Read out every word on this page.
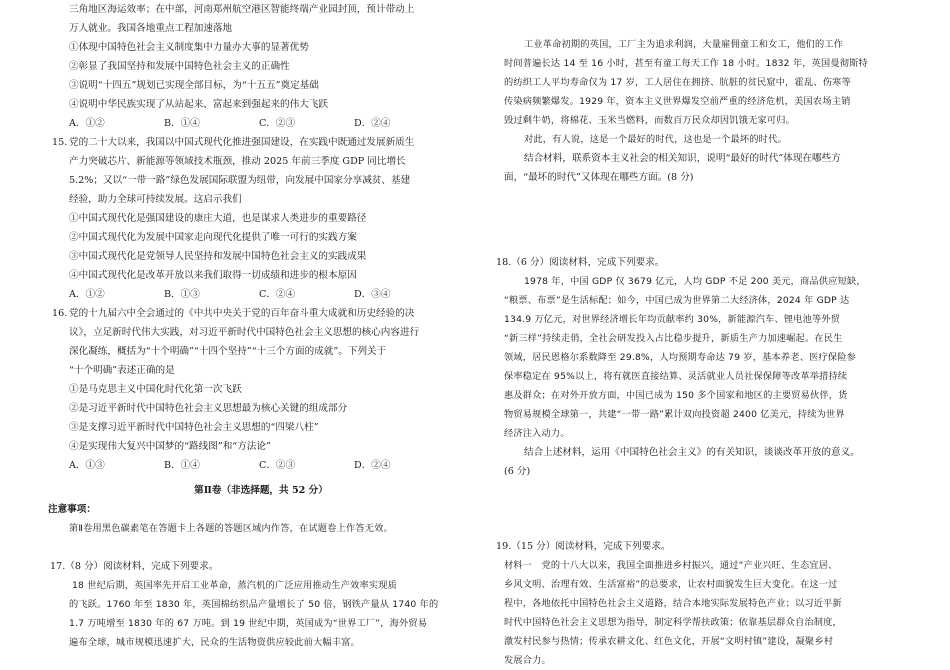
三角地区海运效率；在中部，河南郑州航空港区智能终端产业园封顶，预计带动上
万人就业。我国各地重点工程加速落地
①体现中国特色社会主义制度集中力量办大事的显著优势
②彰显了我国坚持和发展中国特色社会主义的正确性
③说明“十四五”规划已实现全部目标，为“十五五”奠定基础
④说明中华民族实现了从站起来、富起来到强起来的伟大飞跃
A．①②	B．①④	C．②③	D．②④
15. 党的二十大以来，我国以中国式现代化推进强国建设，在实践中既通过发展新质生
产力突破芯片、新能源等领域技术瓶颈，推动 2025 年前三季度 GDP 同比增长
5.2%；又以“一带一路”绿色发展国际联盟为纽带，向发展中国家分享减贫、基建
经验，助力全球可持续发展。这启示我们
①中国式现代化是强国建设的康庄大道，也是谋求人类进步的重要路径
②中国式现代化为发展中国家走向现代化提供了唯一可行的实践方案
③中国式现代化是党领导人民坚持和发展中国特色社会主义的实践成果
④中国式现代化是改革开放以来我们取得一切成绩和进步的根本原因
A．①②	B．①③	C．②④	D．③④
16. 党的十九届六中全会通过的《中共中央关于党的百年奋斗重大成就和历史经验的决
议》，立足新时代伟大实践，对习近平新时代中国特色社会主义思想的核心内容进行
深化凝练，概括为“十个明确”“十四个坚持”“十三个方面的成就”。下列关于
“十个明确”表述正确的是
①是马克思主义中国化时代化第一次飞跃
②是习近平新时代中国特色社会主义思想最为核心关键的组成部分
③是支撑习近平新时代中国特色社会主义思想的“四梁八柱”
④是实现伟大复兴中国梦的“路线图”和“方法论”
A．①③	B．①④	C．②③	D．②④
第Ⅱ卷（非选择题，共 52 分）
注意事项：
第Ⅱ卷用黑色碳素笔在答题卡上各题的答题区域内作答，在试题卷上作答无效。
17.（8 分）阅读材料，完成下列要求。
18 世纪后期，英国率先开启工业革命，蒸汽机的广泛应用推动生产效率实现质
的飞跃。1760 年至 1830 年，英国棉纺织品产量增长了 50 倍，钢铁产量从 1740 年的
1.7 万吨增至 1830 年的 67 万吨。到 19 世纪中期，英国成为“世界工厂”，海外贸易
遍布全球，城市规模迅速扩大，民众的生活物资供应较此前大幅丰富。
工业革命初期的英国，工厂主为追求利润，大量雇佣童工和女工，他们的工作
时间普遍长达 14 至 16 小时，甚至有童工每天工作 18 小时。1832 年，英国曼彻斯特
的纺织工人平均寿命仅为 17 岁，工人居住在拥挤、肮脏的贫民窟中，霍乱、伤寒等
传染病频繁爆发。1929 年，资本主义世界爆发空前严重的经济危机，美国农场主销
毁过剩牛奶，将棉花、玉米当燃料，而数百万民众却因饥饿无家可归。
对此，有人说，这是一个最好的时代，这也是一个最坏的时代。
结合材料，联系资本主义社会的相关知识，说明“最好的时代”体现在哪些方
面，“最坏的时代”又体现在哪些方面。(8 分)
18.（6 分）阅读材料，完成下列要求。
1978 年，中国 GDP 仅 3679 亿元，人均 GDP 不足 200 美元，商品供应短缺，
“粮票、布票”是生活标配；如今，中国已成为世界第二大经济体，2024 年 GDP 达
134.9 万亿元，对世界经济增长年均贡献率约 30%，新能源汽车、锂电池等外贸
“新三样”持续走俏，全社会研发投入占比稳步提升，新质生产力加速崛起。在民生
领域，居民恩格尔系数降至 29.8%，人均预期寿命达 79 岁，基本养老、医疗保险参
保率稳定在 95%以上，将有就医直接结算、灵活就业人员社保保障等改革举措持续
惠及群众；在对外开放方面，中国已成为 150 多个国家和地区的主要贸易伙伴，货
物贸易规模全球第一，共建“一带一路”累计双向投资超 2400 亿美元，持续为世界
经济注入动力。
结合上述材料，运用《中国特色社会主义》的有关知识，谈谈改革开放的意义。
(6 分)
19.（15 分）阅读材料，完成下列要求。
材料一　党的十八大以来，我国全面推进乡村振兴，通过“产业兴旺、生态宜居、
乡风文明、治理有效、生活富裕”的总要求，让农村面貌发生巨大变化。在这一过
程中，各地依托中国特色社会主义道路，结合本地实际发展特色产业；以习近平新
时代中国特色社会主义思想为指导，制定科学帮扶政策；依靠基层群众自治制度，
激发村民参与热情；传承农耕文化、红色文化，开展“文明村镇”建设，凝聚乡村
发展合力。
